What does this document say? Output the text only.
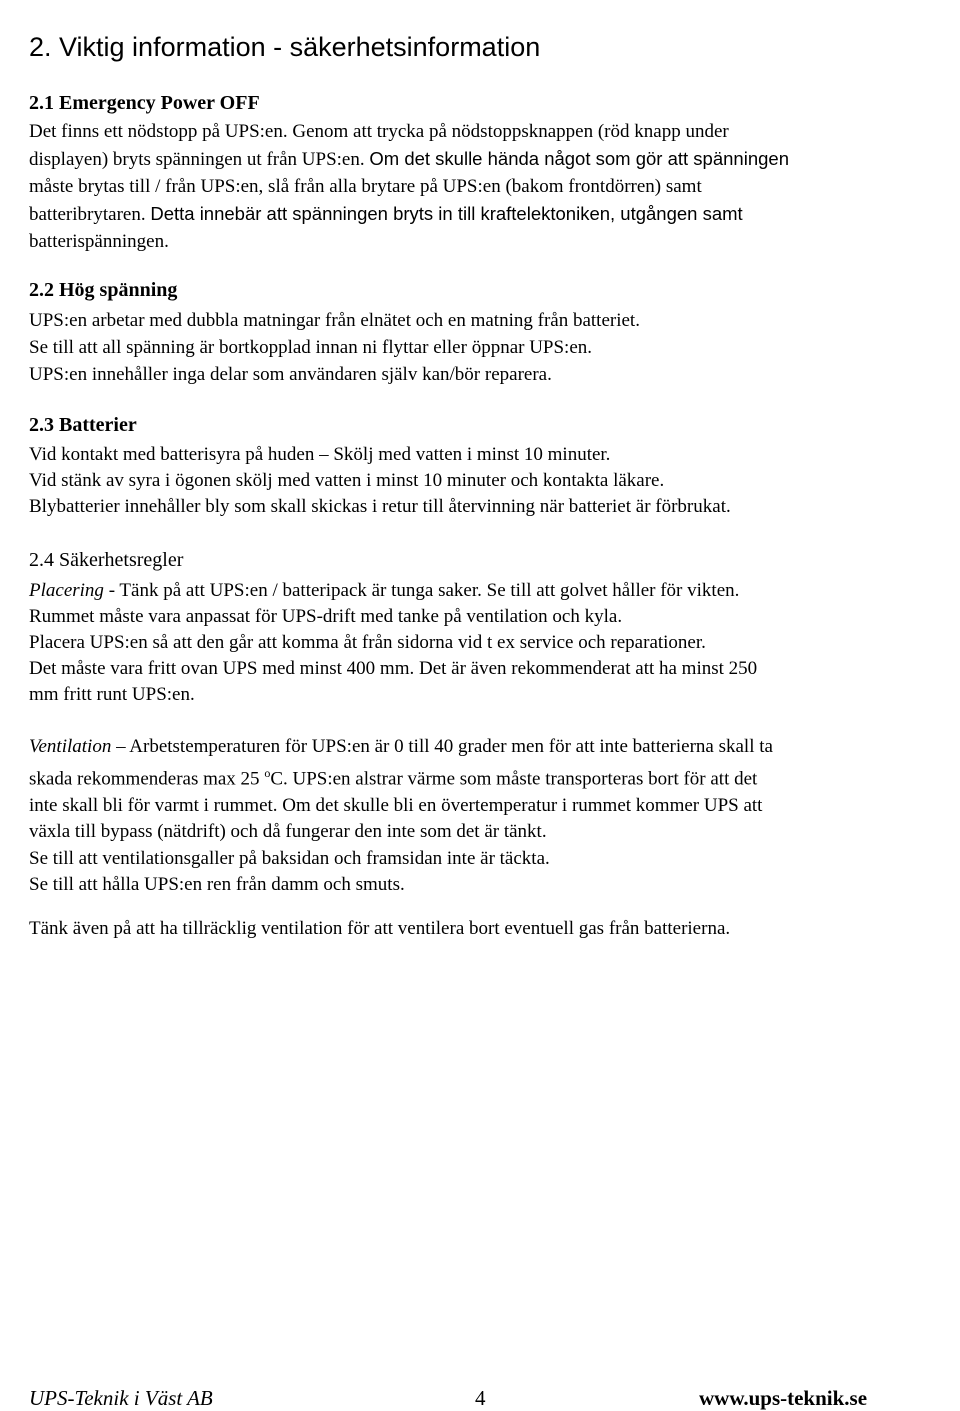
2. Viktig information - säkerhetsinformation
2.1 Emergency Power OFF
Det finns ett nödstopp på UPS:en. Genom att trycka på nödstoppsknappen (röd knapp under
displayen) bryts spänningen ut från UPS:en. Om det skulle hända något som gör att spänningen
måste brytas till / från UPS:en, slå från alla brytare på UPS:en (bakom frontdörren) samt
batteribrytaren. Detta innebär att spänningen bryts in till kraftelektoniken, utgången samt
batterispänningen.
2.2 Hög spänning
UPS:en arbetar med dubbla matningar från elnätet och en matning från batteriet.
Se till att all spänning är bortkopplad innan ni flyttar eller öppnar UPS:en.
UPS:en innehåller inga delar som användaren själv kan/bör reparera.
2.3 Batterier
Vid kontakt med batterisyra på huden – Skölj med vatten i minst 10 minuter.
Vid stänk av syra i ögonen skölj med vatten i minst 10 minuter och kontakta läkare.
Blybatterier innehåller bly som skall skickas i retur till återvinning när batteriet är förbrukat.
2.4 Säkerhetsregler
Placering - Tänk på att UPS:en / batteripack är tunga saker. Se till att golvet håller för vikten.
Rummet måste vara anpassat för UPS-drift med tanke på ventilation och kyla.
Placera UPS:en så att den går att komma åt från sidorna vid t ex service och reparationer.
Det måste vara fritt ovan UPS med minst 400 mm. Det är även rekommenderat att ha minst 250
mm fritt runt UPS:en.
Ventilation – Arbetstemperaturen för UPS:en är 0 till 40 grader men för att inte batterierna skall ta
skada rekommenderas max 25 $^o$C. UPS:en alstrar värme som måste transporteras bort för att det
inte skall bli för varmt i rummet. Om det skulle bli en övertemperatur i rummet kommer UPS att
växla till bypass (nätdrift) och då fungerar den inte som det är tänkt.
Se till att ventilationsgaller på baksidan och framsidan inte är täckta.
Se till att hålla UPS:en ren från damm och smuts.
Tänk även på att ha tillräcklig ventilation för att ventilera bort eventuell gas från batterierna.
UPS-Teknik i Väst AB	4	www.ups-teknik.se
